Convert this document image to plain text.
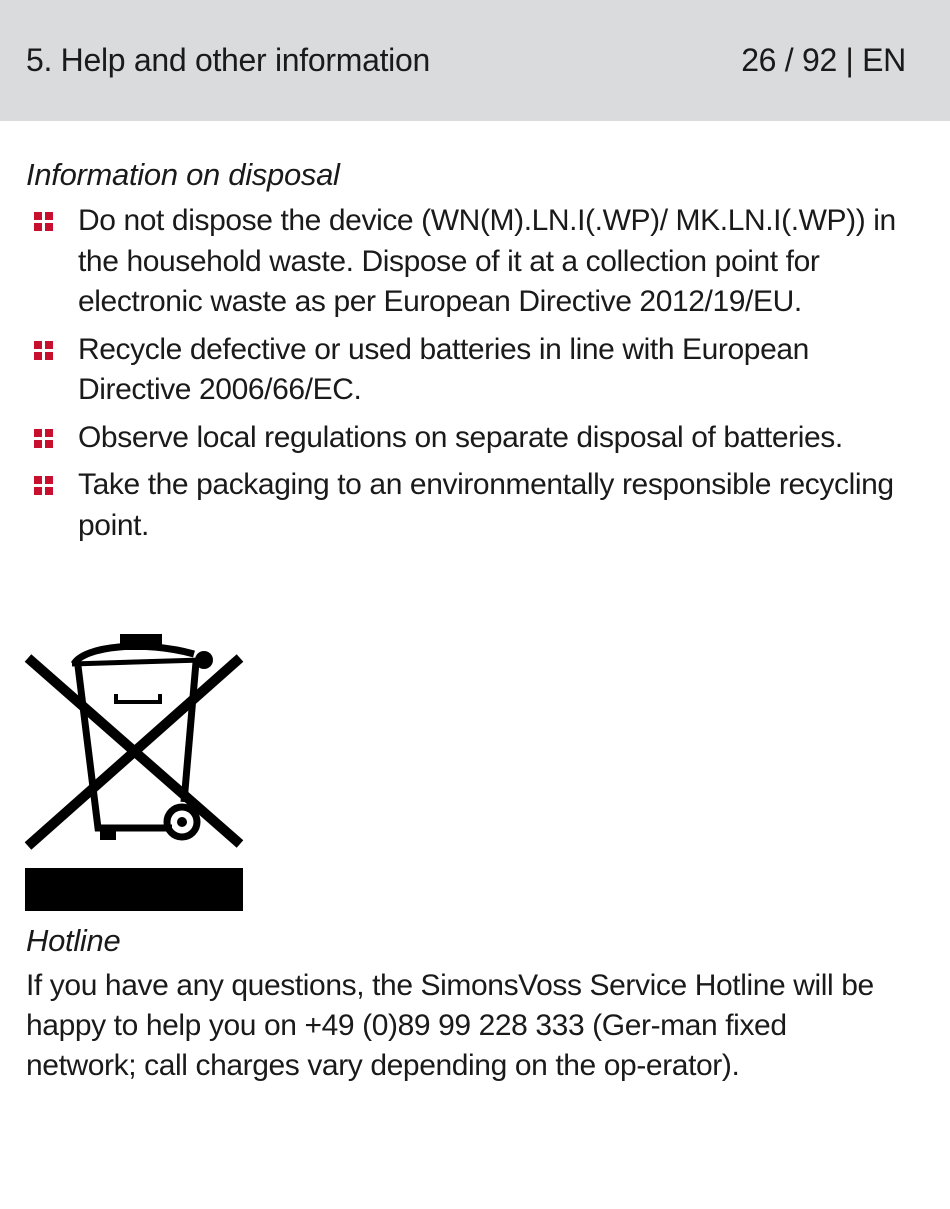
5. Help and other information	26 / 92 | EN
Information on disposal
Do not dispose the device (WN(M).LN.I(.WP)/ MK.LN.I(.WP)) in the household waste. Dispose of it at a collection point for electronic waste as per European Directive 2012/19/EU.
Recycle defective or used batteries in line with European Directive 2006/66/EC.
Observe local regulations on separate disposal of batteries.
Take the packaging to an environmentally responsible recycling point.
Hotline

If you have any questions, the SimonsVoss Service Hotline will be happy to help you on +49 (0)89 99 228 333 (Ger-man fixed network; call charges vary depending on the op-erator).
